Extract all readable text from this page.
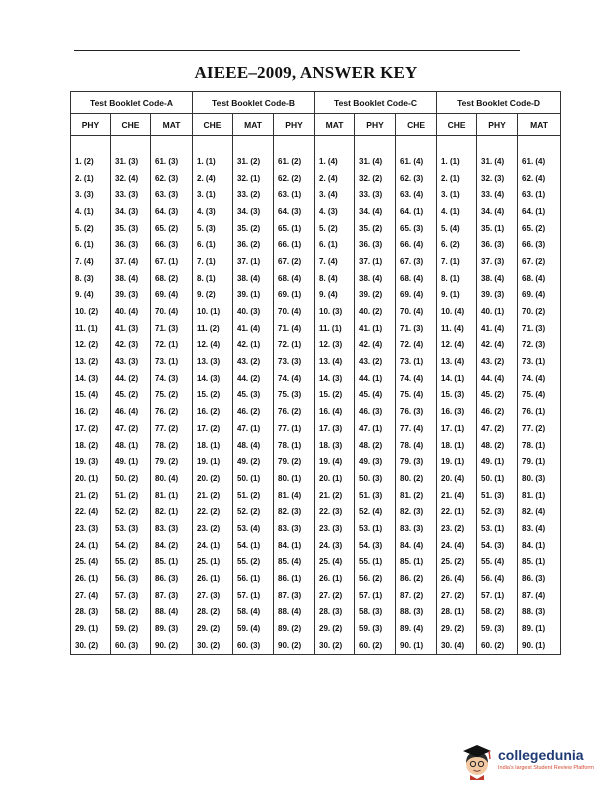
AIEEE–2009, ANSWER KEY
Test Booklet Code-A			Test Booklet Code-B			Test Booklet Code-C			Test Booklet Code-D		
PHY	CHE	MAT	CHE	MAT	PHY	MAT	PHY	CHE	CHE	PHY	MAT

1. (2)	31. (3)	61. (3)	1. (1)	31. (2)	61. (2)	1. (4)	31. (4)	61. (4)	1. (1)	31. (4)	61. (4)
2. (1)	32. (4)	62. (3)	2. (4)	32. (1)	62. (2)	2. (4)	32. (2)	62. (3)	2. (1)	32. (3)	62. (4)
3. (3)	33. (3)	63. (3)	3. (1)	33. (2)	63. (1)	3. (4)	33. (3)	63. (4)	3. (1)	33. (4)	63. (1)
4. (1)	34. (3)	64. (3)	4. (3)	34. (3)	64. (3)	4. (3)	34. (4)	64. (1)	4. (1)	34. (4)	64. (1)
5. (2)	35. (3)	65. (2)	5. (3)	35. (2)	65. (1)	5. (2)	35. (2)	65. (3)	5. (4)	35. (1)	65. (2)
6. (1)	36. (3)	66. (3)	6. (1)	36. (2)	66. (1)	6. (1)	36. (3)	66. (4)	6. (2)	36. (3)	66. (3)
7. (4)	37. (4)	67. (1)	7. (1)	37. (1)	67. (2)	7. (4)	37. (1)	67. (3)	7. (1)	37. (3)	67. (2)
8. (3)	38. (4)	68. (2)	8. (1)	38. (4)	68. (4)	8. (4)	38. (4)	68. (4)	8. (1)	38. (4)	68. (4)
9. (4)	39. (3)	69. (4)	9. (2)	39. (1)	69. (1)	9. (4)	39. (2)	69. (4)	9. (1)	39. (3)	69. (4)
10. (2)	40. (4)	70. (4)	10. (1)	40. (3)	70. (4)	10. (3)	40. (2)	70. (4)	10. (4)	40. (1)	70. (2)
11. (1)	41. (3)	71. (3)	11. (2)	41. (4)	71. (4)	11. (1)	41. (1)	71. (3)	11. (4)	41. (4)	71. (3)
12. (2)	42. (3)	72. (1)	12. (4)	42. (1)	72. (1)	12. (3)	42. (4)	72. (4)	12. (4)	42. (4)	72. (3)
13. (2)	43. (3)	73. (1)	13. (3)	43. (2)	73. (3)	13. (4)	43. (2)	73. (1)	13. (4)	43. (2)	73. (1)
14. (3)	44. (2)	74. (3)	14. (3)	44. (2)	74. (4)	14. (3)	44. (1)	74. (4)	14. (1)	44. (4)	74. (4)
15. (4)	45. (2)	75. (2)	15. (2)	45. (3)	75. (3)	15. (2)	45. (4)	75. (4)	15. (3)	45. (2)	75. (4)
16. (2)	46. (4)	76. (2)	16. (2)	46. (2)	76. (2)	16. (4)	46. (3)	76. (3)	16. (3)	46. (2)	76. (1)
17. (2)	47. (2)	77. (2)	17. (2)	47. (1)	77. (1)	17. (3)	47. (1)	77. (4)	17. (1)	47. (2)	77. (2)
18. (2)	48. (1)	78. (2)	18. (1)	48. (4)	78. (1)	18. (3)	48. (2)	78. (4)	18. (1)	48. (2)	78. (1)
19. (3)	49. (1)	79. (2)	19. (1)	49. (2)	79. (2)	19. (4)	49. (3)	79. (3)	19. (1)	49. (1)	79. (1)
20. (1)	50. (2)	80. (4)	20. (2)	50. (1)	80. (1)	20. (1)	50. (3)	80. (2)	20. (4)	50. (1)	80. (3)
21. (2)	51. (2)	81. (1)	21. (2)	51. (2)	81. (4)	21. (2)	51. (3)	81. (2)	21. (4)	51. (3)	81. (1)
22. (4)	52. (2)	82. (1)	22. (2)	52. (2)	82. (3)	22. (3)	52. (4)	82. (3)	22. (1)	52. (3)	82. (4)
23. (3)	53. (3)	83. (3)	23. (2)	53. (4)	83. (3)	23. (3)	53. (1)	83. (3)	23. (2)	53. (1)	83. (4)
24. (1)	54. (2)	84. (2)	24. (1)	54. (1)	84. (1)	24. (3)	54. (3)	84. (4)	24. (4)	54. (3)	84. (1)
25. (4)	55. (2)	85. (1)	25. (1)	55. (2)	85. (4)	25. (4)	55. (1)	85. (1)	25. (2)	55. (4)	85. (1)
26. (1)	56. (3)	86. (3)	26. (1)	56. (1)	86. (1)	26. (1)	56. (2)	86. (2)	26. (4)	56. (4)	86. (3)
27. (4)	57. (3)	87. (3)	27. (3)	57. (1)	87. (3)	27. (2)	57. (1)	87. (2)	27. (2)	57. (1)	87. (4)
28. (3)	58. (2)	88. (4)	28. (2)	58. (4)	88. (4)	28. (3)	58. (3)	88. (3)	28. (1)	58. (2)	88. (3)
29. (1)	59. (2)	89. (3)	29. (2)	59. (4)	89. (2)	29. (2)	59. (3)	89. (4)	29. (2)	59. (3)	89. (1)
30. (2)	60. (3)	90. (2)	30. (2)	60. (3)	90. (2)	30. (2)	60. (2)	90. (1)	30. (4)	60. (2)	90. (1)
collegedunia
India's largest Student Review Platform
